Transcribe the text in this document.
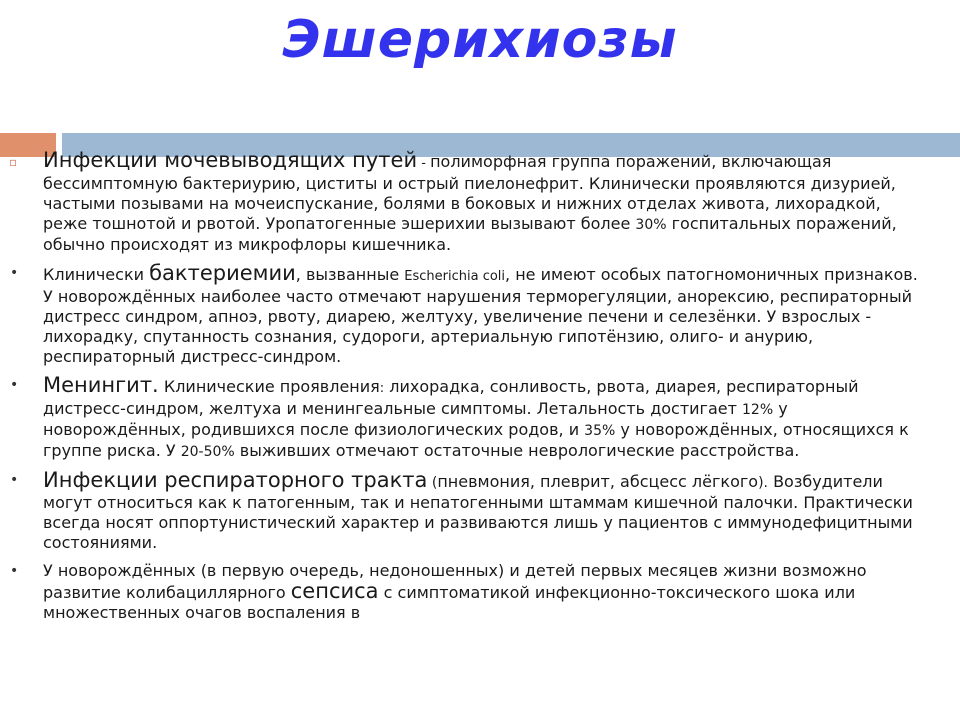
Эшерихиозы
▫ Инфекции мочевыводящих путей - полиморфная группа поражений, включающая бессимптомную бактериурию, циститы и острый пиелонефрит. Клинически проявляются дизурией, частыми позывами на мочеиспускание, болями в боковых и нижних отделах живота, лихорадкой, реже тошнотой и рвотой. Уропатогенные эшерихии вызывают более 30% госпитальных поражений, обычно происходят из микрофлоры кишечника.
• Клинически бактериемии, вызванные Escherichia coli, не имеют особых патогномоничных признаков. У новорождённых наиболее часто отмечают нарушения терморегуляции, анорексию, респираторный дистресс синдром, апноэ, рвоту, диарею, желтуху, увеличение печени и селезёнки. У взрослых - лихорадку, спутанность сознания, судороги, артериальную гипотёнзию, олиго- и анурию, респираторный дистресс-синдром.
• Менингит. Клинические проявления: лихорадка, сонливость, рвота, диарея, респираторный дистресс-синдром, желтуха и менингеальные симптомы. Летальность достигает 12% у новорождённых, родившихся после физиологических родов, и 35% у новорождённых, относящихся к группе риска. У 20-50% выживших отмечают остаточные неврологические расстройства.
• Инфекции респираторного тракта (пневмония, плеврит, абсцесс лёгкого). Возбудители могут относиться как к патогенным, так и непатогенными штаммам кишечной палочки. Практически всегда носят оппортунистический характер и развиваются лишь у пациентов с иммунодефицитными состояниями.
• У новорождённых (в первую очередь, недоношенных) и детей первых месяцев жизни возможно развитие колибациллярного сепсиса с симптоматикой инфекционно-токсического шока или множественных очагов воспаления в
